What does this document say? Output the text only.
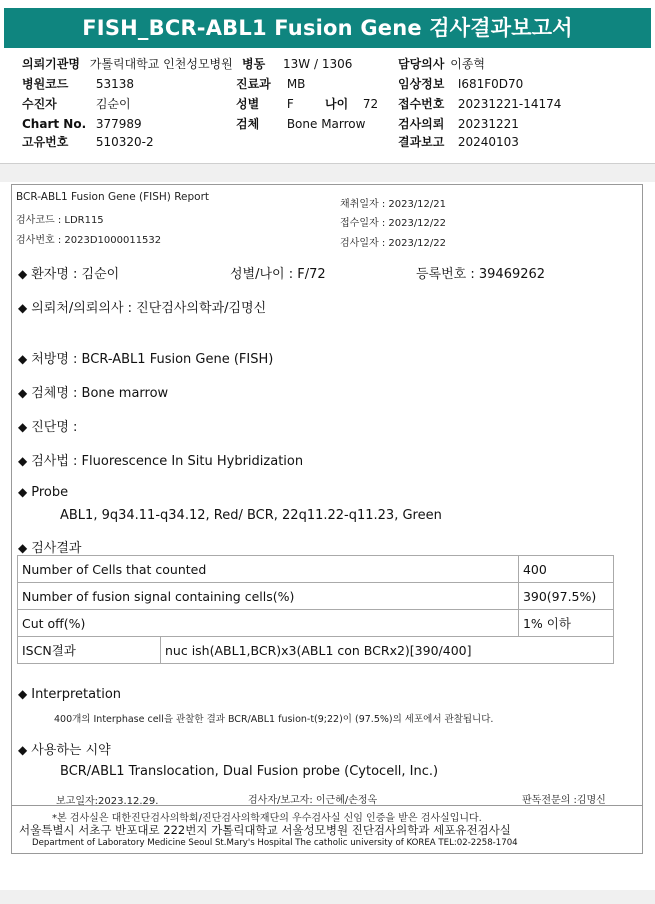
FISH_BCR-ABL1 Fusion Gene 검사결과보고서
의뢰기관명 가톨릭대학교 인천성모병원 병동 13W / 1306	담당의사 이종혁
병원코드 53138	진료과 MB	임상정보 I681F0D70
수진자	김순이	성별 F	나이 72 접수번호 20231221-14174
Chart No. 377989	검체 Bone Marrow	검사의뢰 20231221
고유번호 510320-2	결과보고 20240103
BCR-ABL1 Fusion Gene (FISH) Report
검사코드 : LDR115
검사번호 : 2023D1000011532
채취일자 : 2023/12/21
접수일자 : 2023/12/22
검사일자 : 2023/12/22
◆ 환자명 : 김순이	성별/나이 : F/72	등록번호 : 39469262
◆ 의뢰처/의뢰의사 : 진단검사의학과/김명신
◆ 처방명 : BCR-ABL1 Fusion Gene (FISH)
◆ 검체명 : Bone marrow
◆ 진단명 :
◆ 검사법 : Fluorescence In Situ Hybridization
◆ Probe
ABL1, 9q34.11-q34.12, Red/ BCR, 22q11.22-q11.23, Green
◆ 검사결과
Number of Cells that counted		400
Number of fusion signal containing cells(%)		390(97.5%)
Cut off(%)		1% 이하
ISCN결과	nuc ish(ABL1,BCR)x3(ABL1 con BCRx2)[390/400]	
◆ Interpretation
400개의 Interphase cell을 관찰한 결과 BCR/ABL1 fusion-t(9;22)이 (97.5%)의 세포에서 관찰됩니다.
◆ 사용하는 시약
BCR/ABL1 Translocation, Dual Fusion probe (Cytocell, Inc.)
보고일자:2023.12.29.	검사자/보고자: 이근혜/손정옥	판독전문의 :김명신
*본 검사실은 대한진단검사의학회/진단검사의학재단의 우수검사실 신임 인증을 받은 검사실입니다.
서울특별시 서초구 반포대로 222번지 가톨릭대학교 서울성모병원 진단검사의학과 세포유전검사실
Department of Laboratory Medicine Seoul St.Mary's Hospital The catholic university of KOREA TEL:02-2258-1704
